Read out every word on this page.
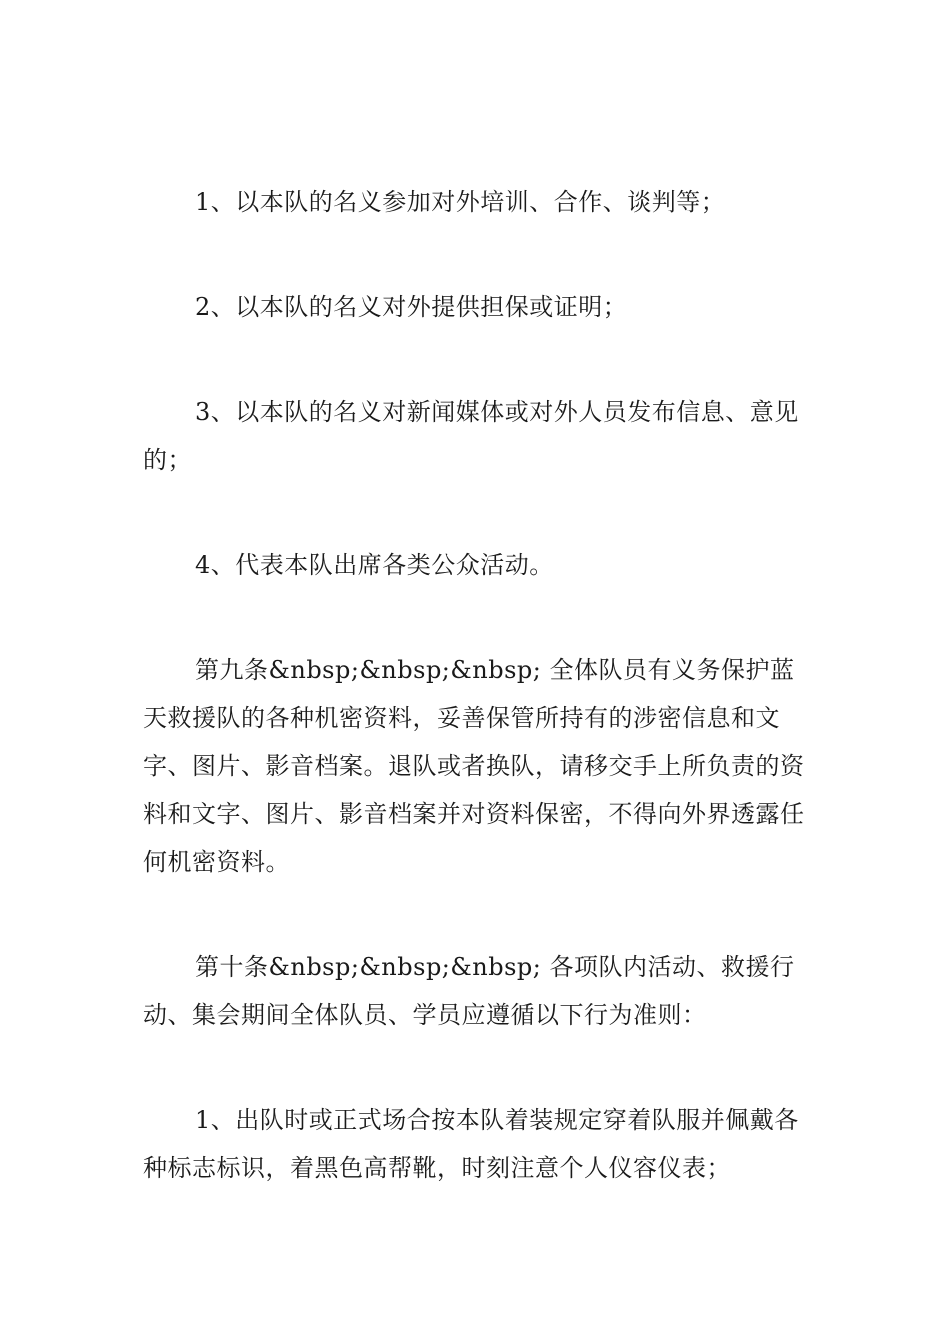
1、以本队的名义参加对外培训、合作、谈判等；

2、以本队的名义对外提供担保或证明；

3、以本队的名义对新闻媒体或对外人员发布信息、意见的；

4、代表本队出席各类公众活动。

第九条&nbsp;&nbsp;&nbsp; 全体队员有义务保护蓝天救援队的各种机密资料，妥善保管所持有的涉密信息和文字、图片、影音档案。退队或者换队，请移交手上所负责的资料和文字、图片、影音档案并对资料保密，不得向外界透露任何机密资料。

第十条&nbsp;&nbsp;&nbsp; 各项队内活动、救援行动、集会期间全体队员、学员应遵循以下行为准则：

1、出队时或正式场合按本队着装规定穿着队服并佩戴各种标志标识，着黑色高帮靴，时刻注意个人仪容仪表；
